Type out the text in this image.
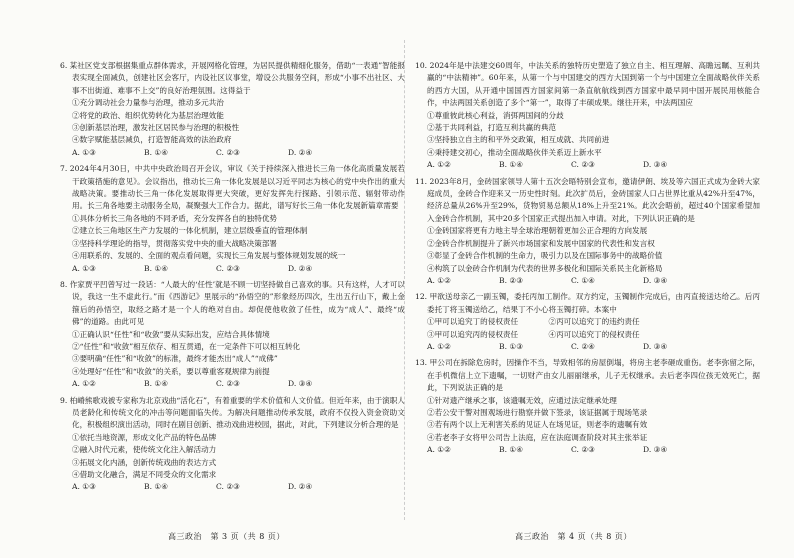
6. 某社区党支部根据集重点群体需求，开展网格化管理，为居民提供精细化服务，借助“一表通”智能报表实现全面减负，创建社区会客厅，内设社区议事堂，增设公共服务空间，形成“小事不出社区、大事不出街道、难事不上交”的良好治理氛围。这得益于
①充分调动社会力量参与治理，推动多元共治
②将党的政治、组织优势转化为基层治理效能
③创新基层治理，激发社区居民参与治理的积极性
④数字赋能基层减负，打造智能高效的法治政府
A. ①③	B. ①④	C. ②③	D. ②④
7. 2024年4月30日，中共中央政治局召开会议，审议《关于持续深入推进长三角一体化高质量发展若干政策措施的意见》。会议指出，推动长三角一体化发展是以习近平同志为核心的党中央作出的重大战略决策。要推动长三角一体化发展取得更大突破，更好发挥先行探路、引领示范、辐射带动作用。长三角各地要主动服务全局，凝聚强大工作合力。据此，谱写好长三角一体化发展新篇章需要
①具体分析长三角各地的不同矛盾，充分发挥各自的独特优势
②建立长三角地区生产力发展的一体化机制，建立层级垂直的管理体制
③坚持科学理论的指导，贯彻落实党中央的重大战略决策部署
④用联系的、发展的、全面的观点看问题，实现长三角发展与整体规划发展的统一
A. ①③	B. ①④	C. ②③	D. ②④
8. 作家贾平凹曾写过一段话：“人最大的‘任性’就是不顾一切坚持做自己喜欢的事。只有这样，人才可以说，我这一生不虚此行。”而《西游记》里展示的“孙悟空的”形象经历四次，生出五行山下，戴上金箍后的孙悟空，取经之路才是一个人的绝对自由。却促使他收敛了任性，成为“成人”、最终“成佛”的道路。由此可见
①正确认识“任性”和“收敛”要从实际出发，应结合具体情境
②“任性”和“收敛”相互依存、相互贯通，在一定条件下可以相互转化
③要明确“任性”和“收敛”的标准，最终才能杰出“成人”“成佛”
④处理好“任性”和“收敛”的关系，要以尊重客观规律为前提
A. ①②	B. ①④	C. ②③	D. ③④
9. 柏嵴熊歌戏被专家称为北京戏曲“活化石”，有着重要的学术价值和人文价值。但近年来，由于演职人员老龄化和传统文化的冲击等问题面临失传。为解决问题推动传承发展，政府不仅投入资金资助文化，积极组织演出活动，同时在剧目创新、推动戏曲进校园，据此，对此，下列建议分析合理的是
①依托当地资源，形成文化产品的特色品牌
②融入时代元素，使传统文化注入解活动力
③拓展文化内涵，创新传统戏曲的表达方式
④借助文化融合，满足不同受众的文化需求
A. ①③	B. ①④	C. ②③	D. ②④
10. 2024年是中法建交60周年，中法关系的独特历史塑造了独立自主、相互理解、高瞻远瞩、互利共赢的“中法精神”。60年来，从第一个与中国建交的西方大国到第一个与中国建立全面战略伙伴关系的西方大国，从开通中国国西方国家间第一条直航航线到西方国家中最早同中国开展民用核能合作，中法两国关系创造了多个“第一”，取得了丰硕成果。继往开来，中法两国应
①尊重彼此核心利益，消弭两国间的分歧
②基于共同利益，打造互利共赢的典范
③坚持独立自主的和平外交政策，相互成就、共同前进
④秉持建交初心，推动全面战略伙伴关系迈上新水平
A. ①②	B. ①④	C. ②③	D. ③④
11. 2023年8月，金砖国家领导人第十五次会晤特别会宣布，邀请伊朗、埃及等六国正式成为金砖大家庭成员，金砖合作迎来又一历史性时刻。此次扩员后，金砖国家人口占世界比重从42%升至47%，经济总量从26%升至29%，货物贸易总额从18%上升至21%。此次会晤前，超过40个国家希望加入金砖合作机制，其中20多个国家正式提出加入申请。对此，下列认识正确的是
①金砖国家将更有力地主导全球治理朝着更加公正合理的方向发展
②金砖合作机制提升了新兴市场国家和发展中国家的代表性和发言权
③彰显了金砖合作机制的生命力，吸引力以及在国际事务中的战略价值
④构筑了以金砖合作机制为代表的世界多极化和国际关系民主化新格局
A. ①②	B. ②③	C. ①④	D. ③④
12. 甲欲送母亲乙一副玉镯，委托丙加工制作。双方约定，玉镯制作完成后，由丙直接送达给乙。后丙委托丁将玉镯送给乙，结果丁不小心将玉镯打碎。本案中
①甲可以追究丁的侵权责任　　　　②丙可以追究丁的违约责任
③甲可以追究丙的侵权责任　　　　④丙可以追究丁的侵权责任
A. ①②	B. ①③	C. ②④	D. ③④
13. 甲公司在拆除危房时，因操作不当，导致相邻的房屋倒塌，将房主老李砸成重伤。老李弥留之际，在手机微信上立下遗嘱，一切财产由女儿丽丽继承，儿子无权继承。去后老李四位孩无效死亡，据此，下列说法正确的是
①针对遗产继承之事，该遗嘱无效，应通过法定继承处理
②若公安干警对围观场进行勘察并做下签录，该证据属于现场笔录
③若有两个以上无利害关系的见证人在场见证，则老李的遗嘱有效
④若老李子女将甲公司告上法庭，应在法庭调查阶段对其主张举证
A. ①②	B. ①④	C. ②③	D. ③④
高三政治　第 3 页（共 8 页）	高三政治　第 4 页（共 8 页）
